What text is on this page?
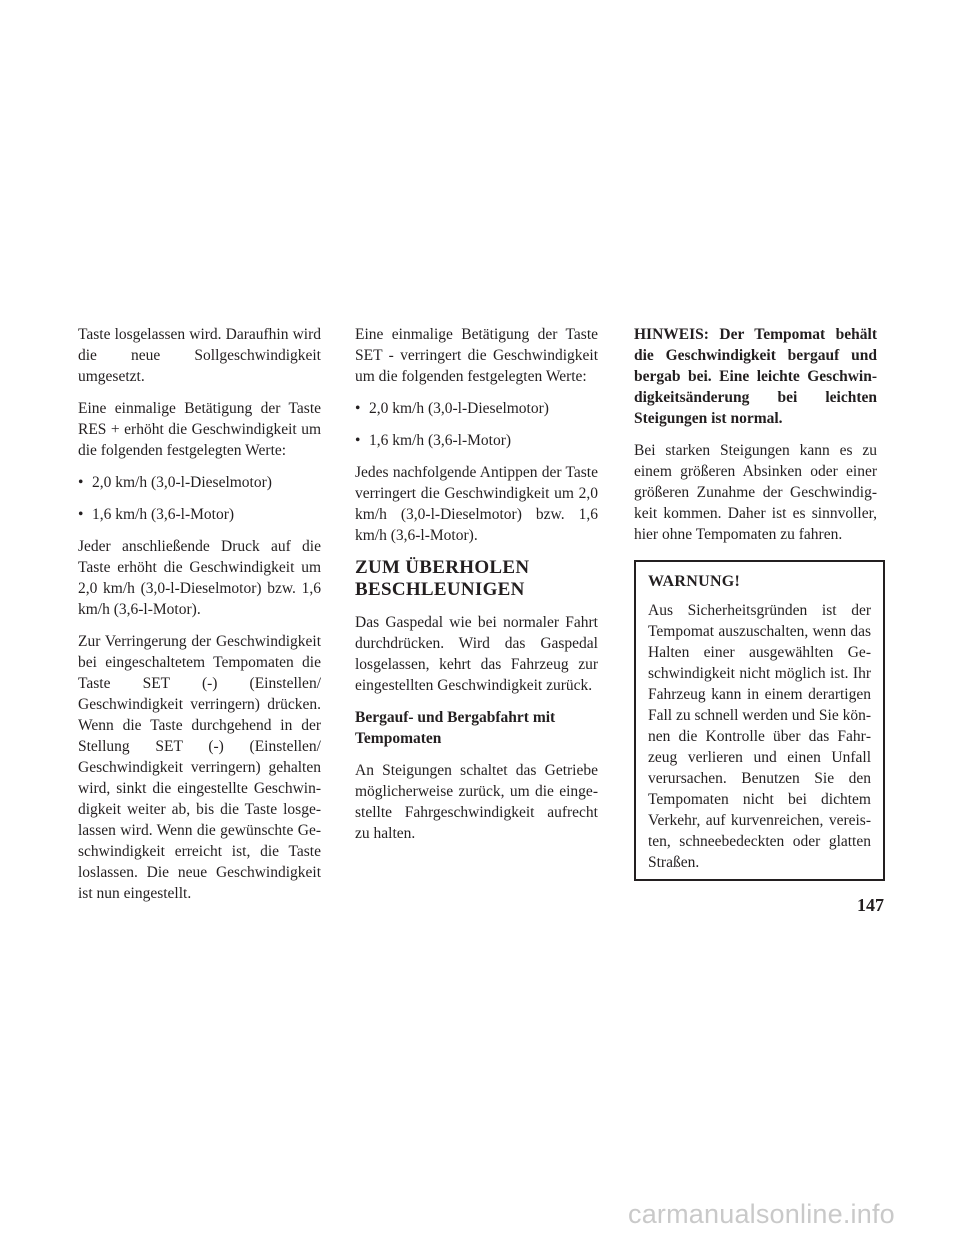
Taste losgelassen wird. Daraufhin wird die neue Sollgeschwindigkeit umgesetzt.

Eine einmalige Betätigung der Taste RES + erhöht die Geschwindigkeit um die folgenden festgelegten Werte:

• 2,0 km/h (3,0-l-Dieselmotor)
• 1,6 km/h (3,6-l-Motor)

Jeder anschließende Druck auf die Taste erhöht die Geschwindigkeit um 2,0 km/h (3,0-l-Dieselmotor) bzw. 1,6 km/h (3,6-l-Motor).

Zur Verringerung der Geschwindigkeit bei eingeschaltetem Tempomaten die Taste SET (-) (Einstellen/ Geschwindigkeit verringern) drücken. Wenn die Taste durchgehend in der Stellung SET (-) (Einstellen/ Geschwindigkeit verringern) gehalten wird, sinkt die eingestellte Geschwindigkeit weiter ab, bis die Taste losgelassen wird. Wenn die gewünschte Geschwindigkeit erreicht ist, die Taste loslassen. Die neue Geschwindigkeit ist nun eingestellt.

Eine einmalige Betätigung der Taste SET - verringert die Geschwindigkeit um die folgenden festgelegten Werte:

• 2,0 km/h (3,0-l-Dieselmotor)
• 1,6 km/h (3,6-l-Motor)

Jedes nachfolgende Antippen der Taste verringert die Geschwindigkeit um 2,0 km/h (3,0-l-Dieselmotor) bzw. 1,6 km/h (3,6-l-Motor).

ZUM ÜBERHOLEN BESCHLEUNIGEN

Das Gaspedal wie bei normaler Fahrt durchdrücken. Wird das Gaspedal losgelassen, kehrt das Fahrzeug zur eingestellten Geschwindigkeit zurück.

Bergauf- und Bergabfahrt mit Tempomaten

An Steigungen schaltet das Getriebe möglicherweise zurück, um die eingestellte Fahrgeschwindigkeit aufrecht zu halten.

HINWEIS: Der Tempomat behält die Geschwindigkeit bergauf und bergab bei. Eine leichte Geschwindigkeitsänderung bei leichten Steigungen ist normal.

Bei starken Steigungen kann es zu einem größeren Absinken oder einer größeren Zunahme der Geschwindigkeit kommen. Daher ist es sinnvoller, hier ohne Tempomaten zu fahren.

WARNUNG!

Aus Sicherheitsgründen ist der Tempomat auszuschalten, wenn das Halten einer ausgewählten Geschwindigkeit nicht möglich ist. Ihr Fahrzeug kann in einem derartigen Fall zu schnell werden und Sie können die Kontrolle über das Fahrzeug verlieren und einen Unfall verursachen. Benutzen Sie den Tempomaten nicht bei dichtem Verkehr, auf kurvenreichen, vereisten, schneebedeckten oder glatten Straßen.

147
carmanualsonline.info
